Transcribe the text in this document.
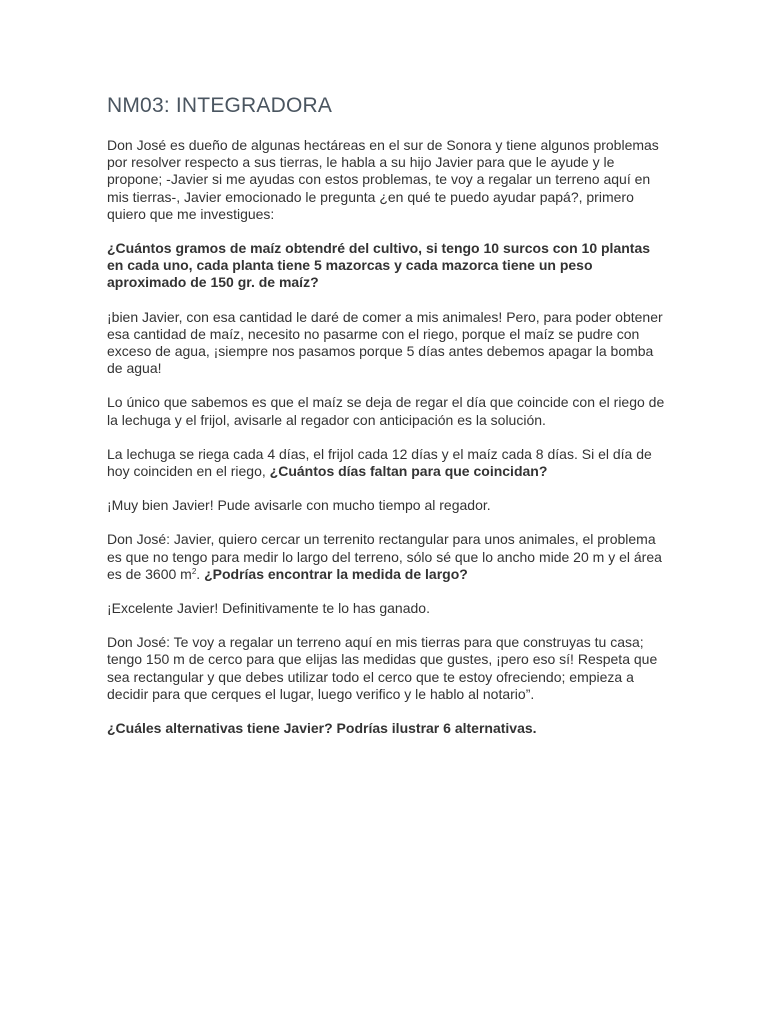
NM03: INTEGRADORA

Don José es dueño de algunas hectáreas en el sur de Sonora y tiene algunos problemas por resolver respecto a sus tierras, le habla a su hijo Javier para que le ayude y le propone; -Javier si me ayudas con estos problemas, te voy a regalar un terreno aquí en mis tierras-, Javier emocionado le pregunta ¿en qué te puedo ayudar papá?, primero quiero que me investigues:

¿Cuántos gramos de maíz obtendré del cultivo, si tengo 10 surcos con 10 plantas en cada uno, cada planta tiene 5 mazorcas y cada mazorca tiene un peso aproximado de 150 gr. de maíz?

¡bien Javier, con esa cantidad le daré de comer a mis animales! Pero, para poder obtener esa cantidad de maíz, necesito no pasarme con el riego, porque el maíz se pudre con exceso de agua, ¡siempre nos pasamos porque 5 días antes debemos apagar la bomba de agua!

Lo único que sabemos es que el maíz se deja de regar el día que coincide con el riego de la lechuga y el frijol, avisarle al regador con anticipación es la solución.

La lechuga se riega cada 4 días, el frijol cada 12 días y el maíz cada 8 días. Si el día de hoy coinciden en el riego, ¿Cuántos días faltan para que coincidan?

¡Muy bien Javier! Pude avisarle con mucho tiempo al regador.

Don José: Javier, quiero cercar un terrenito rectangular para unos animales, el problema es que no tengo para medir lo largo del terreno, sólo sé que lo ancho mide 20 m y el área es de 3600 $m^2$. ¿Podrías encontrar la medida de largo?

¡Excelente Javier! Definitivamente te lo has ganado.

Don José: Te voy a regalar un terreno aquí en mis tierras para que construyas tu casa; tengo 150 m de cerco para que elijas las medidas que gustes, ¡pero eso sí! Respeta que sea rectangular y que debes utilizar todo el cerco que te estoy ofreciendo; empieza a decidir para que cerques el lugar, luego verifico y le hablo al notario”.

¿Cuáles alternativas tiene Javier? Podrías ilustrar 6 alternativas.
